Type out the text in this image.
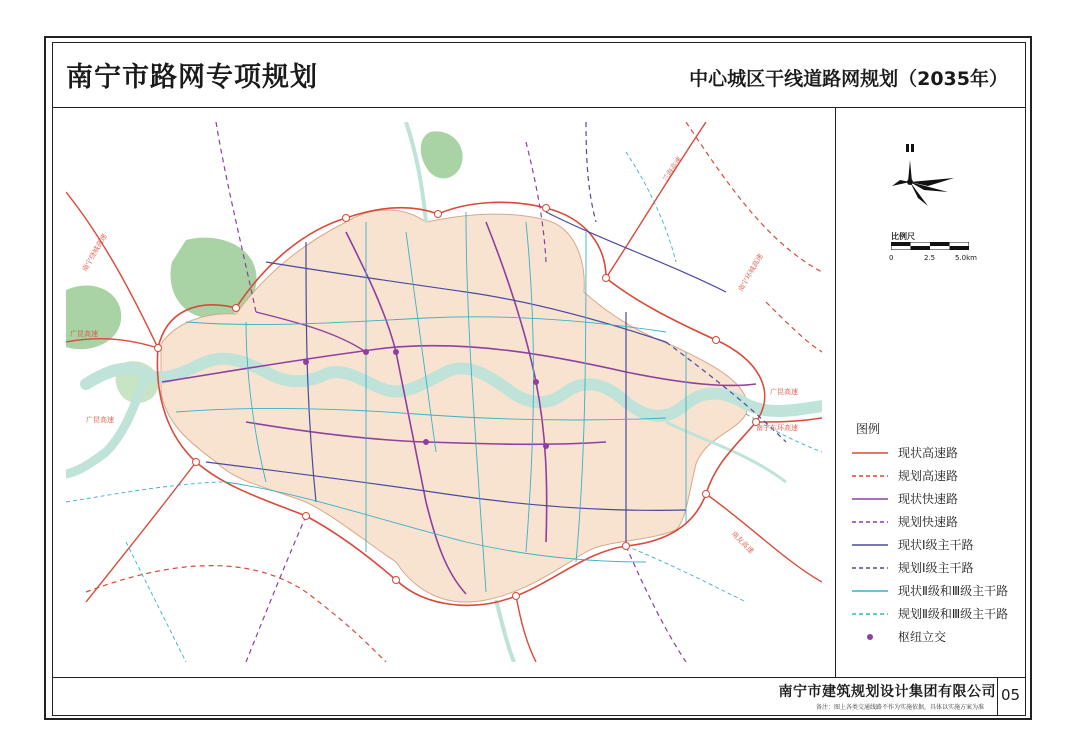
南宁市路网专项规划	中心城区干线道路网规划（2035年）
广昆高速
南宁绕城高速
广昆高速
兰海高速
南友高速
广昆高速
南宁环城高速
南宁东环高速
比例尺
0	2.5	5.0km
图例
现状高速路
规划高速路
现状快速路
规划快速路
现状Ⅰ级主干路
规划Ⅰ级主干路
现状Ⅱ级和Ⅲ级主干路
规划Ⅱ级和Ⅲ级主干路
枢纽立交
南宁市建筑规划设计集团有限公司
备注：图上各类交通线路不作为实施依据，具体以实施方案为准
05
